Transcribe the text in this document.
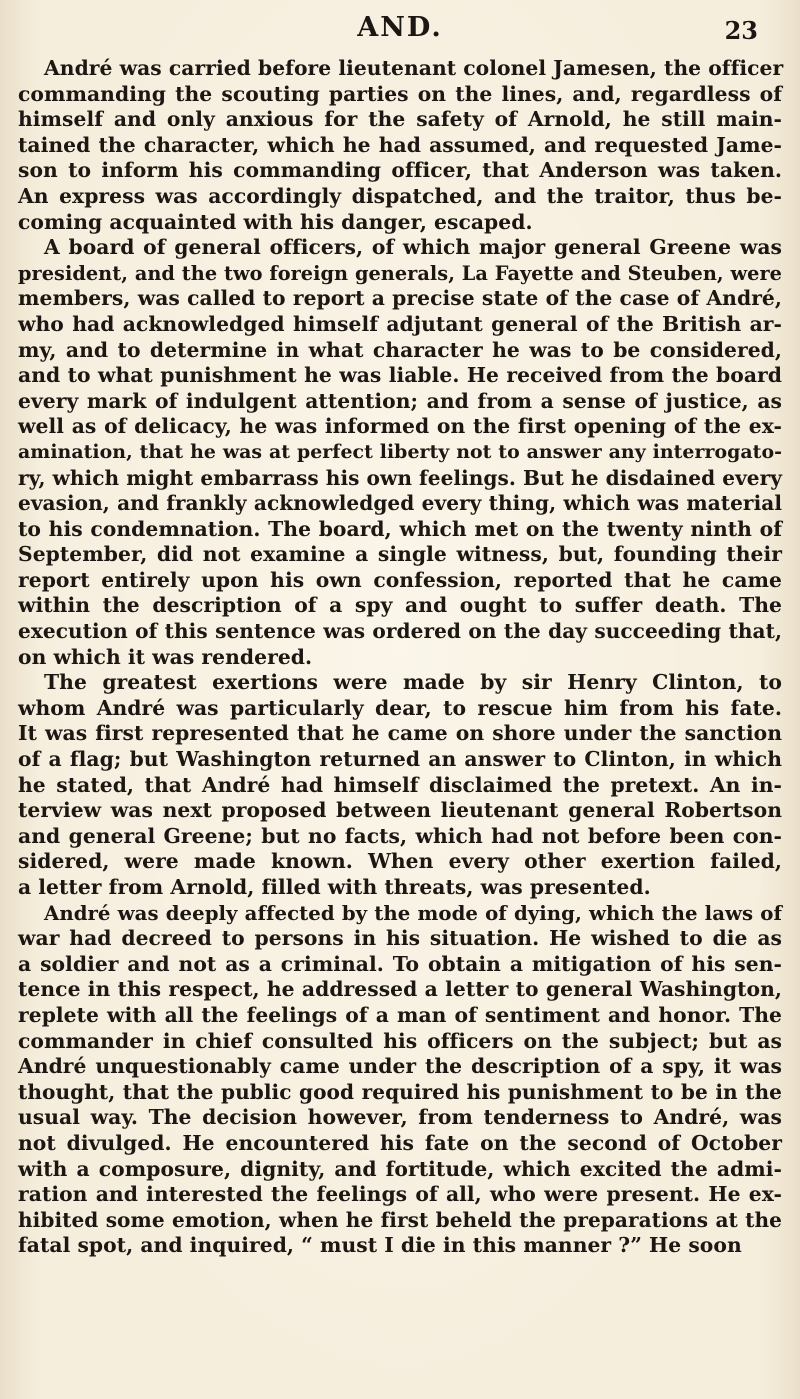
AND.	23
André was carried before lieutenant colonel Jamesen, the officer
commanding the scouting parties on the lines, and, regardless of
himself and only anxious for the safety of Arnold, he still main-
tained the character, which he had assumed, and requested Jame-
son to inform his commanding officer, that Anderson was taken.
An express was accordingly dispatched, and the traitor, thus be-
coming acquainted with his danger, escaped.
A board of general officers, of which major general Greene was
president, and the two foreign generals, La Fayette and Steuben, were
members, was called to report a precise state of the case of André,
who had acknowledged himself adjutant general of the British ar-
my, and to determine in what character he was to be considered,
and to what punishment he was liable. He received from the board
every mark of indulgent attention; and from a sense of justice, as
well as of delicacy, he was informed on the first opening of the ex-
amination, that he was at perfect liberty not to answer any interrogato-
ry, which might embarrass his own feelings. But he disdained every
evasion, and frankly acknowledged every thing, which was material
to his condemnation. The board, which met on the twenty ninth of
September, did not examine a single witness, but, founding their
report entirely upon his own confession, reported that he came
within the description of a spy and ought to suffer death. The
execution of this sentence was ordered on the day succeeding that,
on which it was rendered.
The greatest exertions were made by sir Henry Clinton, to
whom André was particularly dear, to rescue him from his fate.
It was first represented that he came on shore under the sanction
of a flag; but Washington returned an answer to Clinton, in which
he stated, that André had himself disclaimed the pretext. An in-
terview was next proposed between lieutenant general Robertson
and general Greene; but no facts, which had not before been con-
sidered, were made known. When every other exertion failed,
a letter from Arnold, filled with threats, was presented.
André was deeply affected by the mode of dying, which the laws of
war had decreed to persons in his situation. He wished to die as
a soldier and not as a criminal. To obtain a mitigation of his sen-
tence in this respect, he addressed a letter to general Washington,
replete with all the feelings of a man of sentiment and honor. The
commander in chief consulted his officers on the subject; but as
André unquestionably came under the description of a spy, it was
thought, that the public good required his punishment to be in the
usual way. The decision however, from tenderness to André, was
not divulged. He encountered his fate on the second of October
with a composure, dignity, and fortitude, which excited the admi-
ration and interested the feelings of all, who were present. He ex-
hibited some emotion, when he first beheld the preparations at the
fatal spot, and inquired, “ must I die in this manner ?” He soon
